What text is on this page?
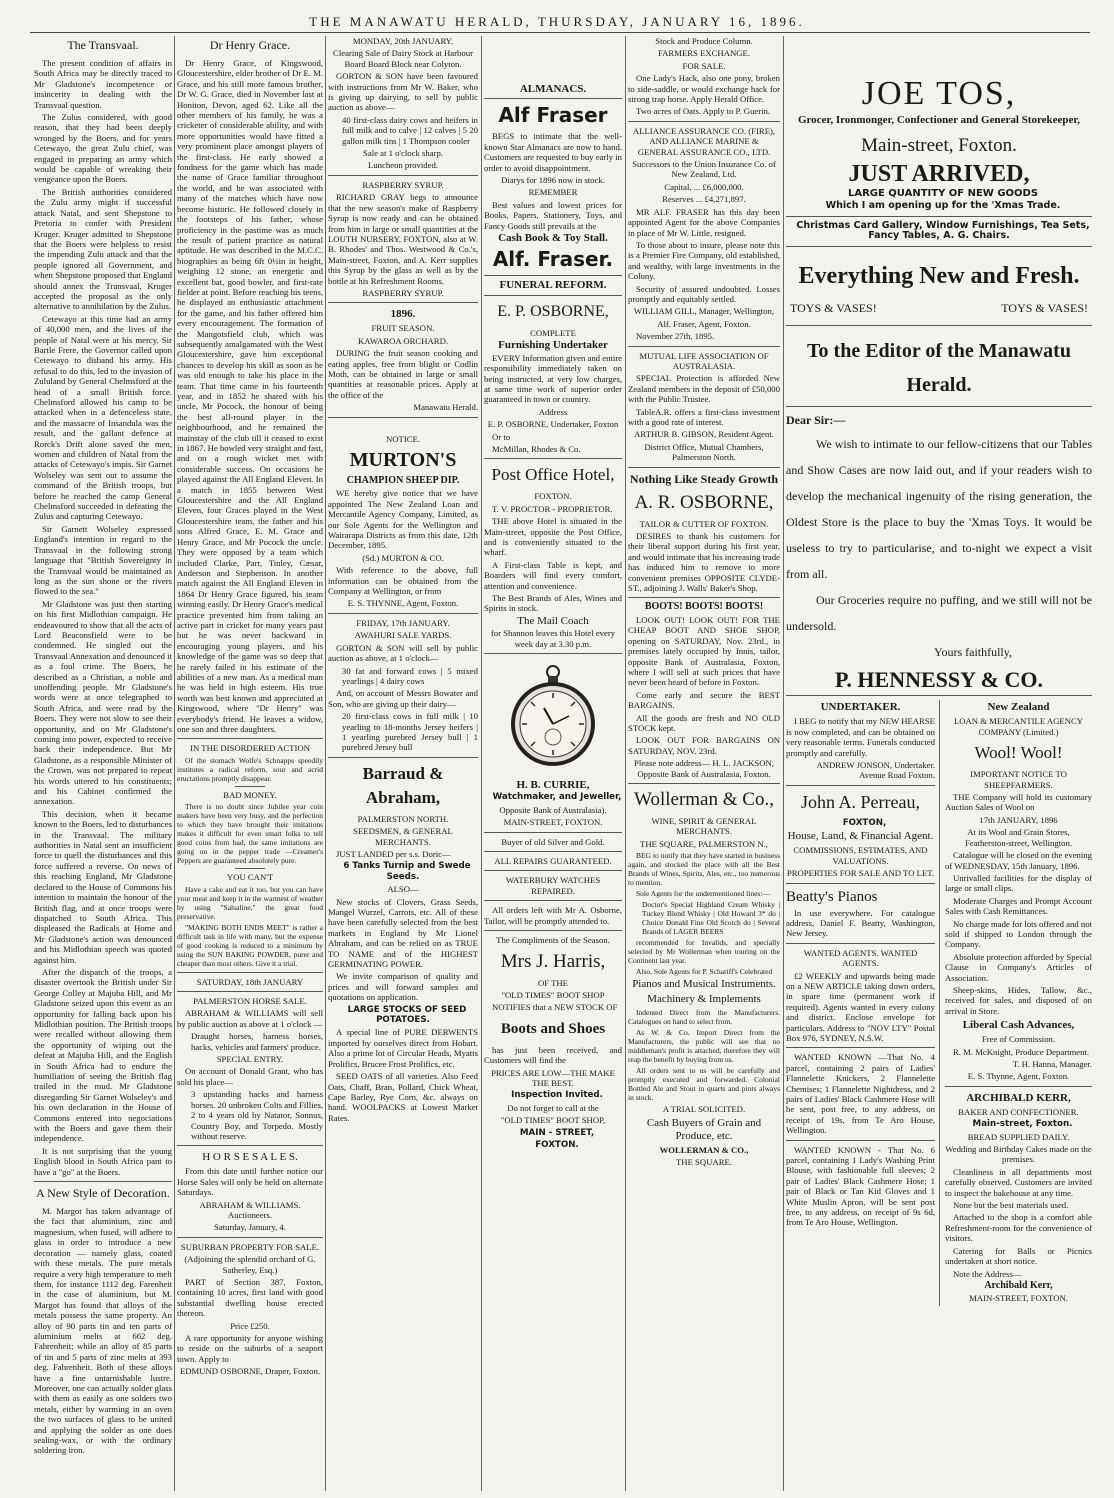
THE MANAWATU HERALD, THURSDAY, JANUARY 16, 1896.
The Transvaal.

The present condition of affairs in South Africa may be directly traced to Mr Gladstone's incompetence or insincerity in dealing with the Transvaal question.

The Zulus considered, with good reason, that they had been deeply wronged by the Boers, and for years Cetewayo, the great Zulu chief, was engaged in preparing an army which would be capable of wreaking their vengeance upon the Boers.

The British authorities considered the Zulu army might if successful attack Natal, and sent Shepstone to Pretoria to confer with President Kruger. Kruger admitted to Shepstone that the Boers were helpless to resist the impending Zulu attack and that the people ignored all Government, and when Shepstone proposed that England should annex the Transvaal, Kruger accepted the proposal as the only alternative to annihilation by the Zulus.

Cetewayo at this time had an army of 40,000 men, and the lives of the people of Natal were at his mercy. Sir Bartle Frere, the Governor called upon Cetewayo to disband his army. His refusal to do this, led to the invasion of Zululand by General Chelmsford at the head of a small British force. Chelmsford allowed his camp to be attacked when in a defenceless state, and the massacre of Insandula was the result, and the gallant defence at Rorck's Drift alone saved the men, women and children of Natal from the attacks of Cetewayo's impis. Sir Garnet Wolseley was sent out to assume the command of the British troops, but before he reached the camp General Chelmsford succeeded in defeating the Zulus and capturing Cetewayo.

Sir Garnett Wolseley expressed England's intention in regard to the Transvaal in the following strong language that "British Sovereignty in the Transvaal would be maintained as long as the sun shone or the rivers flowed to the sea."

Mr Gladstone was just then starting on his first Midlothian campaign. He endeavoured to show that all the acts of Lord Beaconsfield were to be condemned. He singled out the Transvaal Annexation and denounced it as a foul crime. The Boers, he described as a Christian, a noble and unoffending people. Mr Gladstone's words were at once telegraphed to South Africa, and were read by the Boers. They were not slow to see their opportunity, and on Mr Gladstone's coming into power, expected to receive back their independence. But Mr Gladstone, as a responsible Minister of the Crown, was not prepared to repeat his words uttered to his constituents; and his Cabinet confirmed the annexation.

This decision, when it became known to the Boers, led to disturbances in the Transvaal. The military authorities in Natal sent an insufficient force to quell the disturbances and this force suffered a reverse. On news of this reaching England, Mr Gladstone declared to the House of Commons his intention to maintain the honour of the British flag, and at once troops were dispatched to South Africa. This displeased the Radicals at Home and Mr Gladstone's action was denounced and his Midlothian speech was quoted against him.

After the dispatch of the troops, a disaster overtook the British under Sir George Colley at Majuba Hill, and Mr Gladstone seized upon this event as an opportunity for falling back upon his Midlothian position. The British troops were recalled without allowing them the opportunity of wiping out the defeat at Majuba Hill, and the English in South Africa had to endure the humiliation of seeing the British flag trailed in the mud. Mr Gladstone disregarding Sir Garnet Wolseley's and his own declaration in the House of Commons entered into negociations with the Boers and gave them their independence.

It is not surprising that the young English blood in South Africa pant to have a "go" at the Boers.

A New Style of Decoration.

M. Margot has taken advantage of the fact that aluminium, zinc and magnesium, when fused, will adhere to glass in order to introduce a new decoration — namely glass, coated with these metals. The pure metals require a very high temperature to melt them, for instance 1112 deg. Farenheit in the case of aluminium, but M. Margot has found that alloys of the metals possess the same property. An alloy of 90 parts tin and ten parts of aluminium melts at 662 deg. Fahrenheit; while an alloy of 85 parts of tin and 5 parts of zinc melts at 393 deg. Fahrenheit. Both of these alloys have a fine untarnishable lustre. Moreover, one can actually solder glass with them as easily as one solders two metals, either by warming in an oven the two surfaces of glass to be united and applying the solder as one does sealing-wax, or with the ordinary soldering iron.

Dr Henry Grace.

Dr Henry Grace, of Kingswood, Gloucestershire, elder brother of Dr E. M. Grace, and his still more famous brother, Dr W. G. Grace, died in November last at Honiton, Devon, aged 62. Like all the other members of his family, he was a cricketer of considerable ability, and with more opportunities would have fitted a very prominent place amongst players of the first-class. He early showed a fondness for the game which has made the name of Grace familiar throughout the world, and he was associated with many of the matches which have now become historic. He followed closely in the footsteps of his father, whose proficiency in the pastime was as much the result of patient practice as natural aptitude. He was described in the M.C.C. biographies as being 6ft 0½in in height, weighing 12 stone, an energetic and excellent bat, good bowler, and first-rate fielder at point. Before reaching his teens, he displayed an enthusiastic attachment for the game, and his father offered him every encouragement. The formation of the Mangotsfield club, which was subsequently amalgamated with the West Gloucestershire, gave him exceptional chances to develop his skill as soon as he was old enough to take his place in the team. That time came in his fourteenth year, and in 1852 he shared with his uncle, Mr Pocock, the honour of being the best all-round player in the neighbourhood, and he remained the mainstay of the club till it ceased to exist in 1867. He bowled very straight and fast, and on a rough wicket met with considerable success. On occasions he played against the All England Eleven. In a match in 1855 between West Gloucestershire and the All England Eleven, four Graces played in the West Gloucestershire team, the father and his sons Alfred Grace, E. M. Grace and Henry Grace, and Mr Pocock the uncle. They were opposed by a team which included Clarke, Parr, Tinley, Cæsar, Anderson and Stephenson. In another match against the All England Eleven in 1864 Dr Henry Grace figured, his team winning easily. Dr Henry Grace's medical practice prevented him from taking an active part in cricket for many years past but he was never backward in encouraging young players, and his knowledge of the game was so deep that he rarely failed in his estimate of the abilities of a new man. As a medical man he was held in high esteem. His true worth was best known and appreciated at Kingswood, where "Dr Henry" was everybody's friend. He leaves a widow, one son and three daughters.

IN THE DISORDERED ACTION

Of the stomach Wolfe's Schnapps speedily institutes a radical reform, sour and acrid eructations promptly disappear.

BAD MONEY.

There is no doubt since Jubilee year coin makers have been very busy, and the perfection to which they have brought their imitations makes it difficult for even smart folks to tell good coins from bad, the same imitations are going on in the pepper trade —Creamer's Peppers are guaranteed absolutely pure.

YOU CAN'T

Have a cake and eat it too, but you can have your meat and keep it in the warmest of weather by using "Salsaline," the great food preservative.

"MAKING BOTH ENDS MEET" is rather a difficult task in life with many, but the expense of good cooking is reduced to a minimum by using the SUN BAKING POWDER, purer and cheaper than most others. Give it a trial.

SATURDAY, 18th JANUARY

PALMERSTON HORSE SALE.

ABRAHAM & WILLIAMS will sell by public auction as above at 1 o'clock —

Draught horses, harness horses, hacks, vehicles and farmers' produce.

SPECIAL ENTRY.

On account of Donald Grant, who has sold his place—

3 upstanding hacks and harness horses. 20 unbroken Colts and Fillies, 2 to 4 years old by Natator, Sonnus, Country Boy, and Torpedo. Mostly without reserve.

H O R S E S A L E S.

From this date until further notice our Horse Sales will only be held on alternate Saturdays.

ABRAHAM & WILLIAMS. Auctioneers.

Saturday, January, 4.

SUBURBAN PROPERTY FOR SALE.

(Adjoining the splendid orchard of G. Satherley, Esq.)

PART of Section 387, Foxton, containing 10 acres, first land with good substantial dwelling house erected thereon.

Price £250.

A rare opportunity for anyone wishing to reside on the suburbs of a seaport town. Apply to

EDMUND OSBORNE, Draper, Foxton.

MONDAY, 20th JANUARY.

Clearing Sale of Dairy Stock at Harbour Board Board Block near Colyton.

GORTON & SON have been favoured with instructions from Mr W. Baker, who is giving up dairying, to sell by public auction as above—

40 first-class dairy cows and heifers in full milk and to calve | 12 calves | 5 20 gallon milk tins | 1 Thompson cooler

Sale at 1 o'clock sharp.

Luncheon provided.

RASPBERRY SYRUP.

RICHARD GRAY begs to announce that the new season's make of Raspberry Syrup is now ready and can be obtained from him in large or small quantities at the LOUTH NURSERY, FOXTON, also at W. B. Rhodes' and Thos. Westwood & Co.'s, Main-street, Foxton, and A. Kerr supplies this Syrup by the glass as well as by the bottle at his Refreshment Rooms.

RASPBERRY SYRUP.

1896.

FRUIT SEASON.

KAWAROA ORCHARD.

DURING the fruit season cooking and eating apples, free from blight or Codlin Moth, can be obtained in large or small quantities at reasonable prices. Apply at the office of the

Manawatu Herald.

NOTICE.

MURTON'S

CHAMPION SHEEP DIP.

WE hereby give notice that we have appointed The New Zealand Loan and Mercantile Agency Company, Limited, as our Sole Agents for the Wellington and Wairarapa Districts as from this date, 12th December, 1895.

(Sd.) MURTON & CO.

With reference to the above, full information can be obtained from the Company at Wellington, or from

E. S. THYNNE, Agent, Foxton.

FRIDAY, 17th JANUARY.

AWAHURI SALE YARDS.

GORTON & SON will sell by public auction as above, at 1 o'clock—

30 fat and forward cows | 5 mixed yearlings | 4 dairy cows

And, on account of Messrs Bowater and Son, who are giving up their dairy—

20 first-class cows in full milk | 10 yearling to 18-months Jersey heifers | 1 yearling purebred Jersey bull | 1 purebred Jersey bull

Barraud & Abraham,

PALMERSTON NORTH.

SEEDSMEN, & GENERAL MERCHANTS.

JUST LANDED per s.s. Doric—

6 Tanks Turnip and Swede Seeds.

ALSO—

New stocks of Clovers, Grass Seeds, Mangel Wurzel, Carrots, etc. All of these have been carefully selected from the best markets in England by Mr Lionel Abraham, and can be relied on as TRUE TO NAME and of the HIGHEST GERMINATING POWER.

We invite comparison of quality and prices and will forward samples and quotations on application.

LARGE STOCKS OF SEED POTATOES.

A special line of PURE DERWENTS imported by ourselves direct from Hobart. Also a prime lot of Circular Heads, Myatts Prolifics, Brucee Frost Prolifics, etc.

SEED OATS of all varieties. Also Feed Oats, Chaff, Bran, Pollard, Chick Wheat, Cape Barley, Rye Corn, &c. always on hand. WOOLPACKS at Lowest Market Rates.

ALMANACS.

Alf Fraser

BEGS to intimate that the well-known Star Almanacs are now to hand. Customers are requested to buy early in order to avoid disappointment.

Diarys for 1896 now in stock.

REMEMBER

Best values and lowest prices for Books, Papers, Stationery, Toys, and Fancy Goods still prevails at the

Cash Book & Toy Stall.

Alf. Fraser.

FUNERAL REFORM.

E. P. OSBORNE,

COMPLETE

Furnishing Undertaker

EVERY Information given and entire responsibility immediately taken on being instructed, at very low charges, at same time work of superior order guaranteed in town or country.

Address

E. P. OSBORNE, Undertaker, Foxton

Or to

McMillan, Rhodes & Co.

Post Office Hotel,

FOXTON.

T. V. PROCTOR - PROPRIETOR.

THE above Hotel is situated in the Main-street, opposite the Post Office, and is conveniently situated to the wharf.

A First-class Table is kept, and Boarders will find every comfort, attention and convenience.

The Best Brands of Ales, Wines and Spirits in stock.

The Mail Coach

for Shannon leaves this Hotel every week day at 3.30 p.m.

H. B. CURRIE,

Watchmaker, and Jeweller,

Opposite Bank of Australasia).

MAIN-STREET, FOXTON.

Buyer of old Silver and Gold.

ALL REPAIRS GUARANTEED.

WATERBURY WATCHES REPAIRED.

All orders left with Mr A. Osborne, Tailor, will be promptly attended to.

The Compliments of the Season.

Mrs J. Harris,

OF THE

"OLD TIMES" BOOT SHOP

NOTIFIES that a NEW STOCK OF

Boots and Shoes

has just been received, and Customers will find the

PRICES ARE LOW—THE MAKE THE BEST.

Inspection Invited.

Do not forget to call at the

"OLD TIMES" BOOT SHOP,

MAIN - STREET,

FOXTON.

Stock and Produce Column.

FARMERS EXCHANGE.

FOR SALE.

One Lady's Hack, also one pony, broken to side-saddle, or would exchange hack for strong trap horse. Apply Herald Office.

Two acres of Oats. Apply to P. Guerin.

ALLIANCE ASSURANCE CO. (FIRE), AND ALLIANCE MARINE & GENERAL ASSURANCE CO., LTD.

Successors to the Union Insurance Co. of New Zealand, Ltd.

Capital, ... £6,000,000.

Reserves ... £4,271,897.

MR ALF. FRASER has this day been appointed Agent for the above Companies in place of Mr W. Little, resigned.

To those about to insure, please note this is a Premier Fire Company, old established, and wealthy, with large investments in the Colony.

Security of assured undoubted. Losses promptly and equitably settled.

WILLIAM GILL, Manager, Wellington,

Alf. Fraser, Agent, Foxton.

November 27th, 1895.

MUTUAL LIFE ASSOCIATION OF AUSTRALASIA.

SPECIAL Protection is afforded New Zealand members in the deposit of £50,000 with the Public Trustee.

TableA.R. offers a first-class investment with a good rate of interest.

ARTHUR B. GIBSON, Resident Agent.

District Office, Mutual Chambers, Palmerston North.

Nothing Like Steady Growth

A. R. OSBORNE,

TAILOR & CUTTER OF FOXTON.

DESIRES to thank his customers for their liberal support during his first year, and would intimate that his increasing trade has induced him to remove to more convenient premises OPPOSITE CLYDE-ST., adjoining J. Walls' Baker's Shop.

BOOTS! BOOTS! BOOTS!

LOOK OUT! LOOK OUT! FOR THE CHEAP BOOT AND SHOE SHOP, opening on SATURDAY, Nov. 23rd., in premises lately occupied by Innis, tailor, opposite Bank of Australasia, Foxton, where I will sell at such prices that have never been heard of before in Foxton.

Come early and secure the BEST BARGAINS.

All the goods are fresh and NO OLD STOCK kept.

LOOK OUT FOR BARGAINS ON SATURDAY, NOV. 23rd.

Please note address— H. L. JACKSON, Opposite Bank of Australasia, Foxton.

Wollerman & Co.,

WINE, SPIRIT & GENERAL MERCHANTS.

THE SQUARE, PALMERSTON N.,

BEG to notify that they have started in business again, and stocked the place with all the Best Brands of Wines, Spirits, Ales, etc., too numerous to mention.

Sole Agents for the undermentioned lines:—

Doctor's Special Highland Cream Whisky | Tuckey Blend Whisky | Old Howard 3* do | Choice Donald Fine Old Scotch do | Several Brands of LAGER BEERS

recommended for Invalids, and specially selected by Mr Wollerman when touring on the Continent last year.

Also, Sole Agents for P. Schariff's Celebrated

Pianos and Musical Instruments.

Machinery & Implements

Indented Direct from the Manufacturers. Catalogues on hand to select from.

As W. & Co. Import Direct from the Manufacturers, the public will see that no middleman's profit is attached, therefore they will reap the benefit by buying from us.

All orders sent to us will be carefully and promptly executed and forwarded. Colonial Bottled Ale and Stout in quarts and pints always in stock.

A TRIAL SOLICITED.

Cash Buyers of Grain and Produce, etc.

WOLLERMAN & CO.,

THE SQUARE.

JOE TOS,
Grocer, Ironmonger, Confectioner and General Storekeeper,
Main-street, Foxton.
JUST ARRIVED,

LARGE QUANTITY OF NEW GOODS

Which I am opening up for the 'Xmas Trade.

Christmas Card Gallery, Window Furnishings, Tea Sets, Fancy Tables, A. G. Chairs.

Everything New and Fresh.
TOYS & VASES!	TOYS & VASES!
To the Editor of the Manawatu Herald.

Dear Sir:—

We wish to intimate to our fellow-citizens that our Tables and Show Cases are now laid out, and if your readers wish to develop the mechanical ingenuity of the rising generation, the Oldest Store is the place to buy the 'Xmas Toys. It would be useless to try to particularise, and to-night we expect a visit from all.

Our Groceries require no puffing, and we still will not be undersold.

Yours faithfully,

P. HENNESSY & CO.

UNDERTAKER.

I BEG to notify that my NEW HEARSE is now completed, and can be obtained on very reasonable terms. Funerals conducted promptly and carefully.

ANDREW JONSON, Undertaker. Avenue Road Foxton.

John A. Perreau,

FOXTON,

House, Land, & Financial Agent.

COMMISSIONS, ESTIMATES, AND VALUATIONS.

PROPERTIES FOR SALE AND TO LET.

Beatty's Pianos

In use everywhere. For catalogue address, Daniel F. Beatty, Washington, New Jersey.

WANTED AGENTS. WANTED AGENTS.

£2 WEEKLY and upwards being made on a NEW ARTICLE taking down orders, in spare time (permanent work if required). Agents wanted in every colony and district. Enclose envelope for particulars. Address to "NOV LTY" Postal Box 976, SYDNEY, N.S.W.

WANTED KNOWN —That No. 4 parcel, containing 2 pairs of Ladies' Flannelette Knickers, 2 Flannelette Chemises; 1 Flannelette Nightdress, and 2 pairs of Ladies' Black Cashmere Hose will be sent, post free, to any address, on receipt of 19s, from Te Aro House, Wellington.

WANTED KNOWN - That No. 6 parcel, containing 1 Lady's Washing Print Blouse, with fashionable full sleeves; 2 pair of Ladies' Black Cashmere Hose; 1 pair of Black or Tan Kid Gloves and 1 White Muslin Apron, will be sent post free, to any address, on receipt of 9s 6d, from Te Aro House, Wellington.

New Zealand

LOAN & MERCANTILE AGENCY COMPANY (Limited.)

Wool! Wool!

IMPORTANT NOTICE TO SHEEPFARMERS.

THE Company will hold its customary Auction Sales of Wool on

17th JANUARY, 1896

At its Wool and Grain Stores, Featherston-street, Wellington.

Catalogue will be closed on the evening of WEDNESDAY, 15th January, 1896.

Unrivalled facilities for the display of large or small clips.

Moderate Charges and Prompt Account Sales with Cash Remittances.

No charge made for lots offered and not sold if shipped to London through the Company.

Absolute protection afforded by Special Clause in Company's Articles of Association.

Sheep-skins, Hides, Tallow, &c., received for sales, and disposed of on arrival in Store.

Liberal Cash Advances,

Free of Commission.

R. M. McKnight, Produce Department.

T. H. Hanna, Manager.

E. S. Thynne, Agent, Foxton.

ARCHIBALD KERR,

BAKER AND CONFECTIONER.

Main-street, Foxton.

BREAD SUPPLIED DAILY.

Wedding and Birthday Cakes made on the premises.

Cleanliness in all departments most carefully observed. Customers are invited to inspect the bakehouse at any time.

None but the best materials used.

Attached to the shop is a comfort able Refreshment-room for the convenience of visitors.

Catering for Balls or Picnics undertaken at short notice.

Note the Address—

Archibald Kerr,

MAIN-STREET, FOXTON.
